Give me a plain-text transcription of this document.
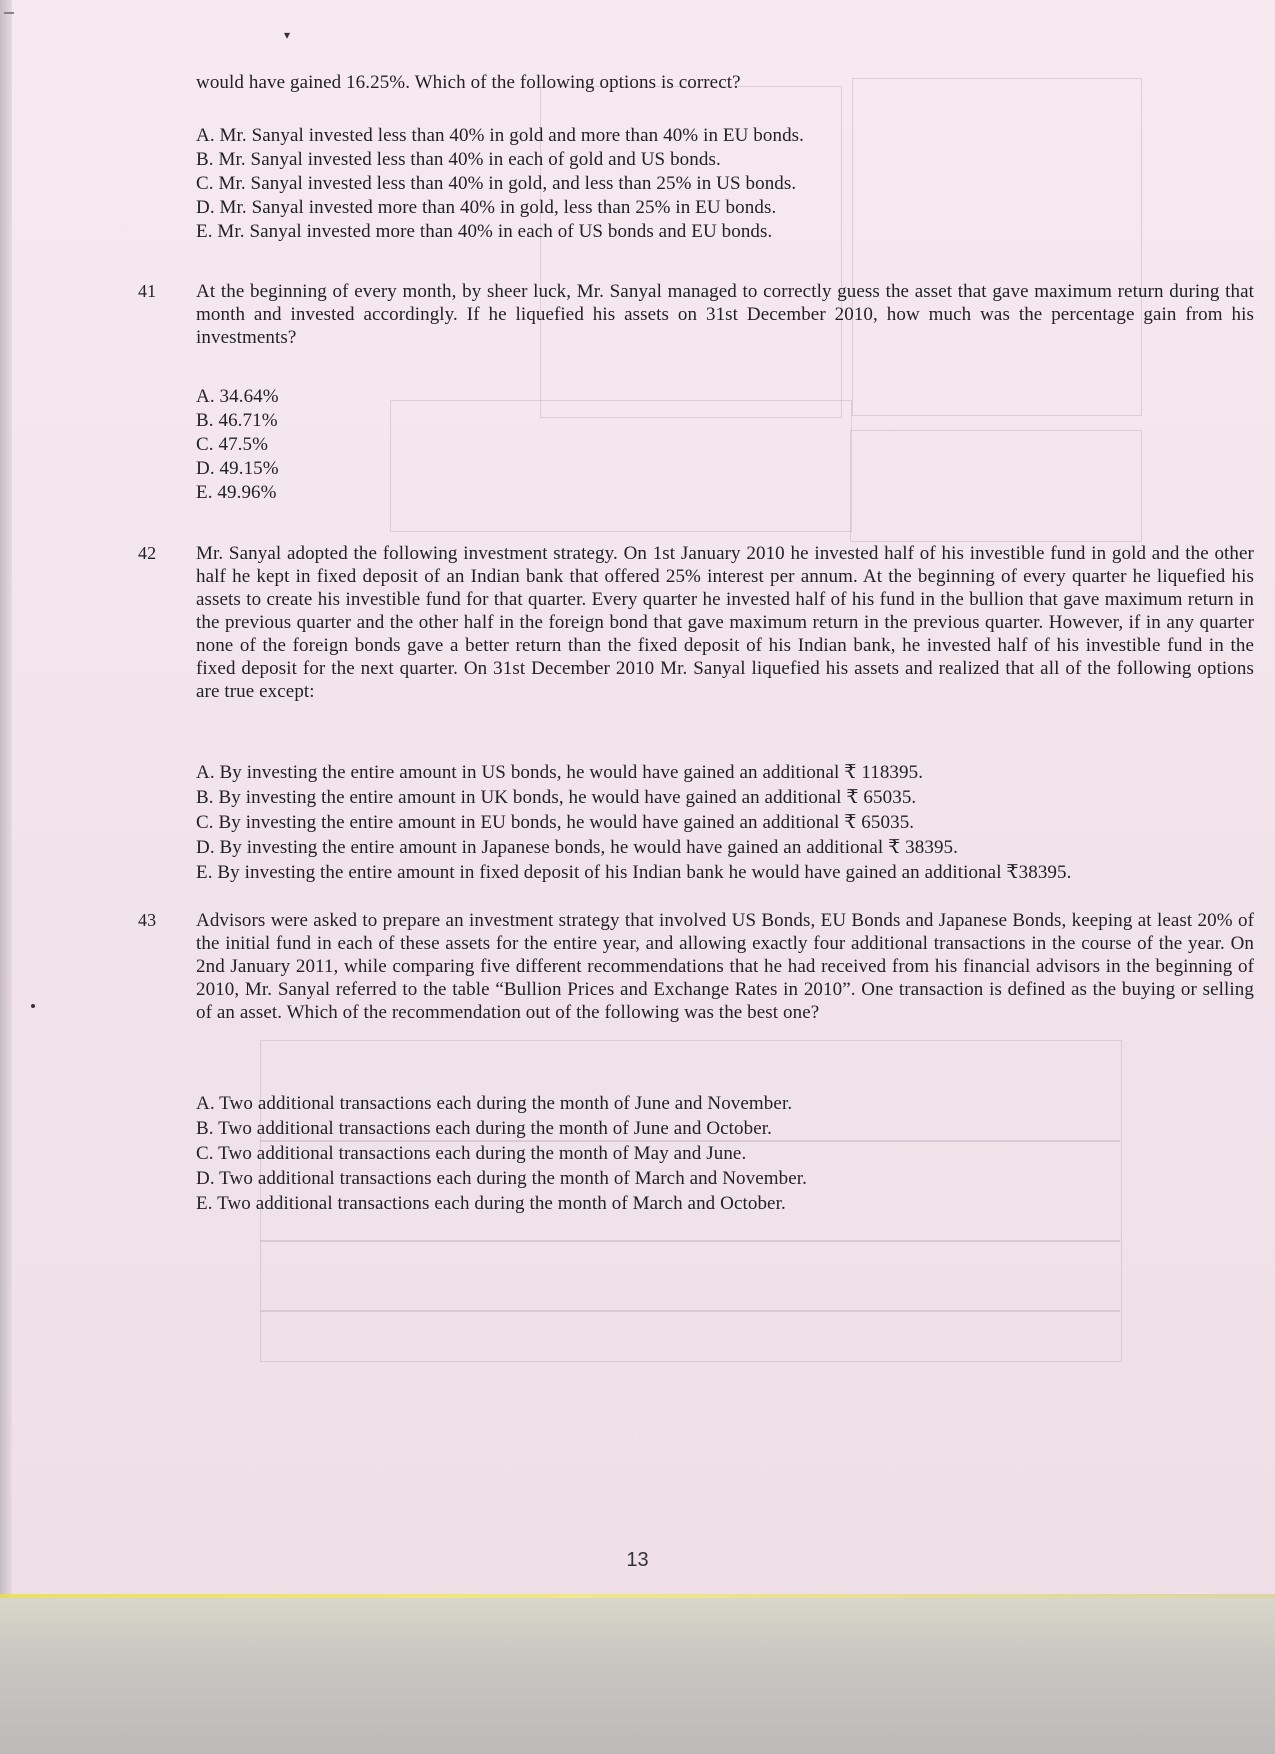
▾
would have gained 16.25%. Which of the following options is correct?
A. Mr. Sanyal invested less than 40% in gold and more than 40% in EU bonds.
B. Mr. Sanyal invested less than 40% in each of gold and US bonds.
C. Mr. Sanyal invested less than 40% in gold, and less than 25% in US bonds.
D. Mr. Sanyal invested more than 40% in gold, less than 25% in EU bonds.
E. Mr. Sanyal invested more than 40% in each of US bonds and EU bonds.
41 At the beginning of every month, by sheer luck, Mr. Sanyal managed to correctly guess the asset that gave maximum return during that month and invested accordingly. If he liquefied his assets on 31st December 2010, how much was the percentage gain from his investments?
A. 34.64%
B. 46.71%
C. 47.5%
D. 49.15%
E. 49.96%
42 Mr. Sanyal adopted the following investment strategy. On 1st January 2010 he invested half of his investible fund in gold and the other half he kept in fixed deposit of an Indian bank that offered 25% interest per annum. At the beginning of every quarter he liquefied his assets to create his investible fund for that quarter. Every quarter he invested half of his fund in the bullion that gave maximum return in the previous quarter and the other half in the foreign bond that gave maximum return in the previous quarter. However, if in any quarter none of the foreign bonds gave a better return than the fixed deposit of his Indian bank, he invested half of his investible fund in the fixed deposit for the next quarter. On 31st December 2010 Mr. Sanyal liquefied his assets and realized that all of the following options are true except:
A. By investing the entire amount in US bonds, he would have gained an additional ₹ 118395.
B. By investing the entire amount in UK bonds, he would have gained an additional ₹ 65035.
C. By investing the entire amount in EU bonds, he would have gained an additional ₹ 65035.
D. By investing the entire amount in Japanese bonds, he would have gained an additional ₹ 38395.
E. By investing the entire amount in fixed deposit of his Indian bank he would have gained an additional ₹38395.
43 Advisors were asked to prepare an investment strategy that involved US Bonds, EU Bonds and Japanese Bonds, keeping at least 20% of the initial fund in each of these assets for the entire year, and allowing exactly four additional transactions in the course of the year. On 2nd January 2011, while comparing five different recommendations that he had received from his financial advisors in the beginning of 2010, Mr. Sanyal referred to the table “Bullion Prices and Exchange Rates in 2010”. One transaction is defined as the buying or selling of an asset. Which of the recommendation out of the following was the best one?
A. Two additional transactions each during the month of June and November.
B. Two additional transactions each during the month of June and October.
C. Two additional transactions each during the month of May and June.
D. Two additional transactions each during the month of March and November.
E. Two additional transactions each during the month of March and October.
13
